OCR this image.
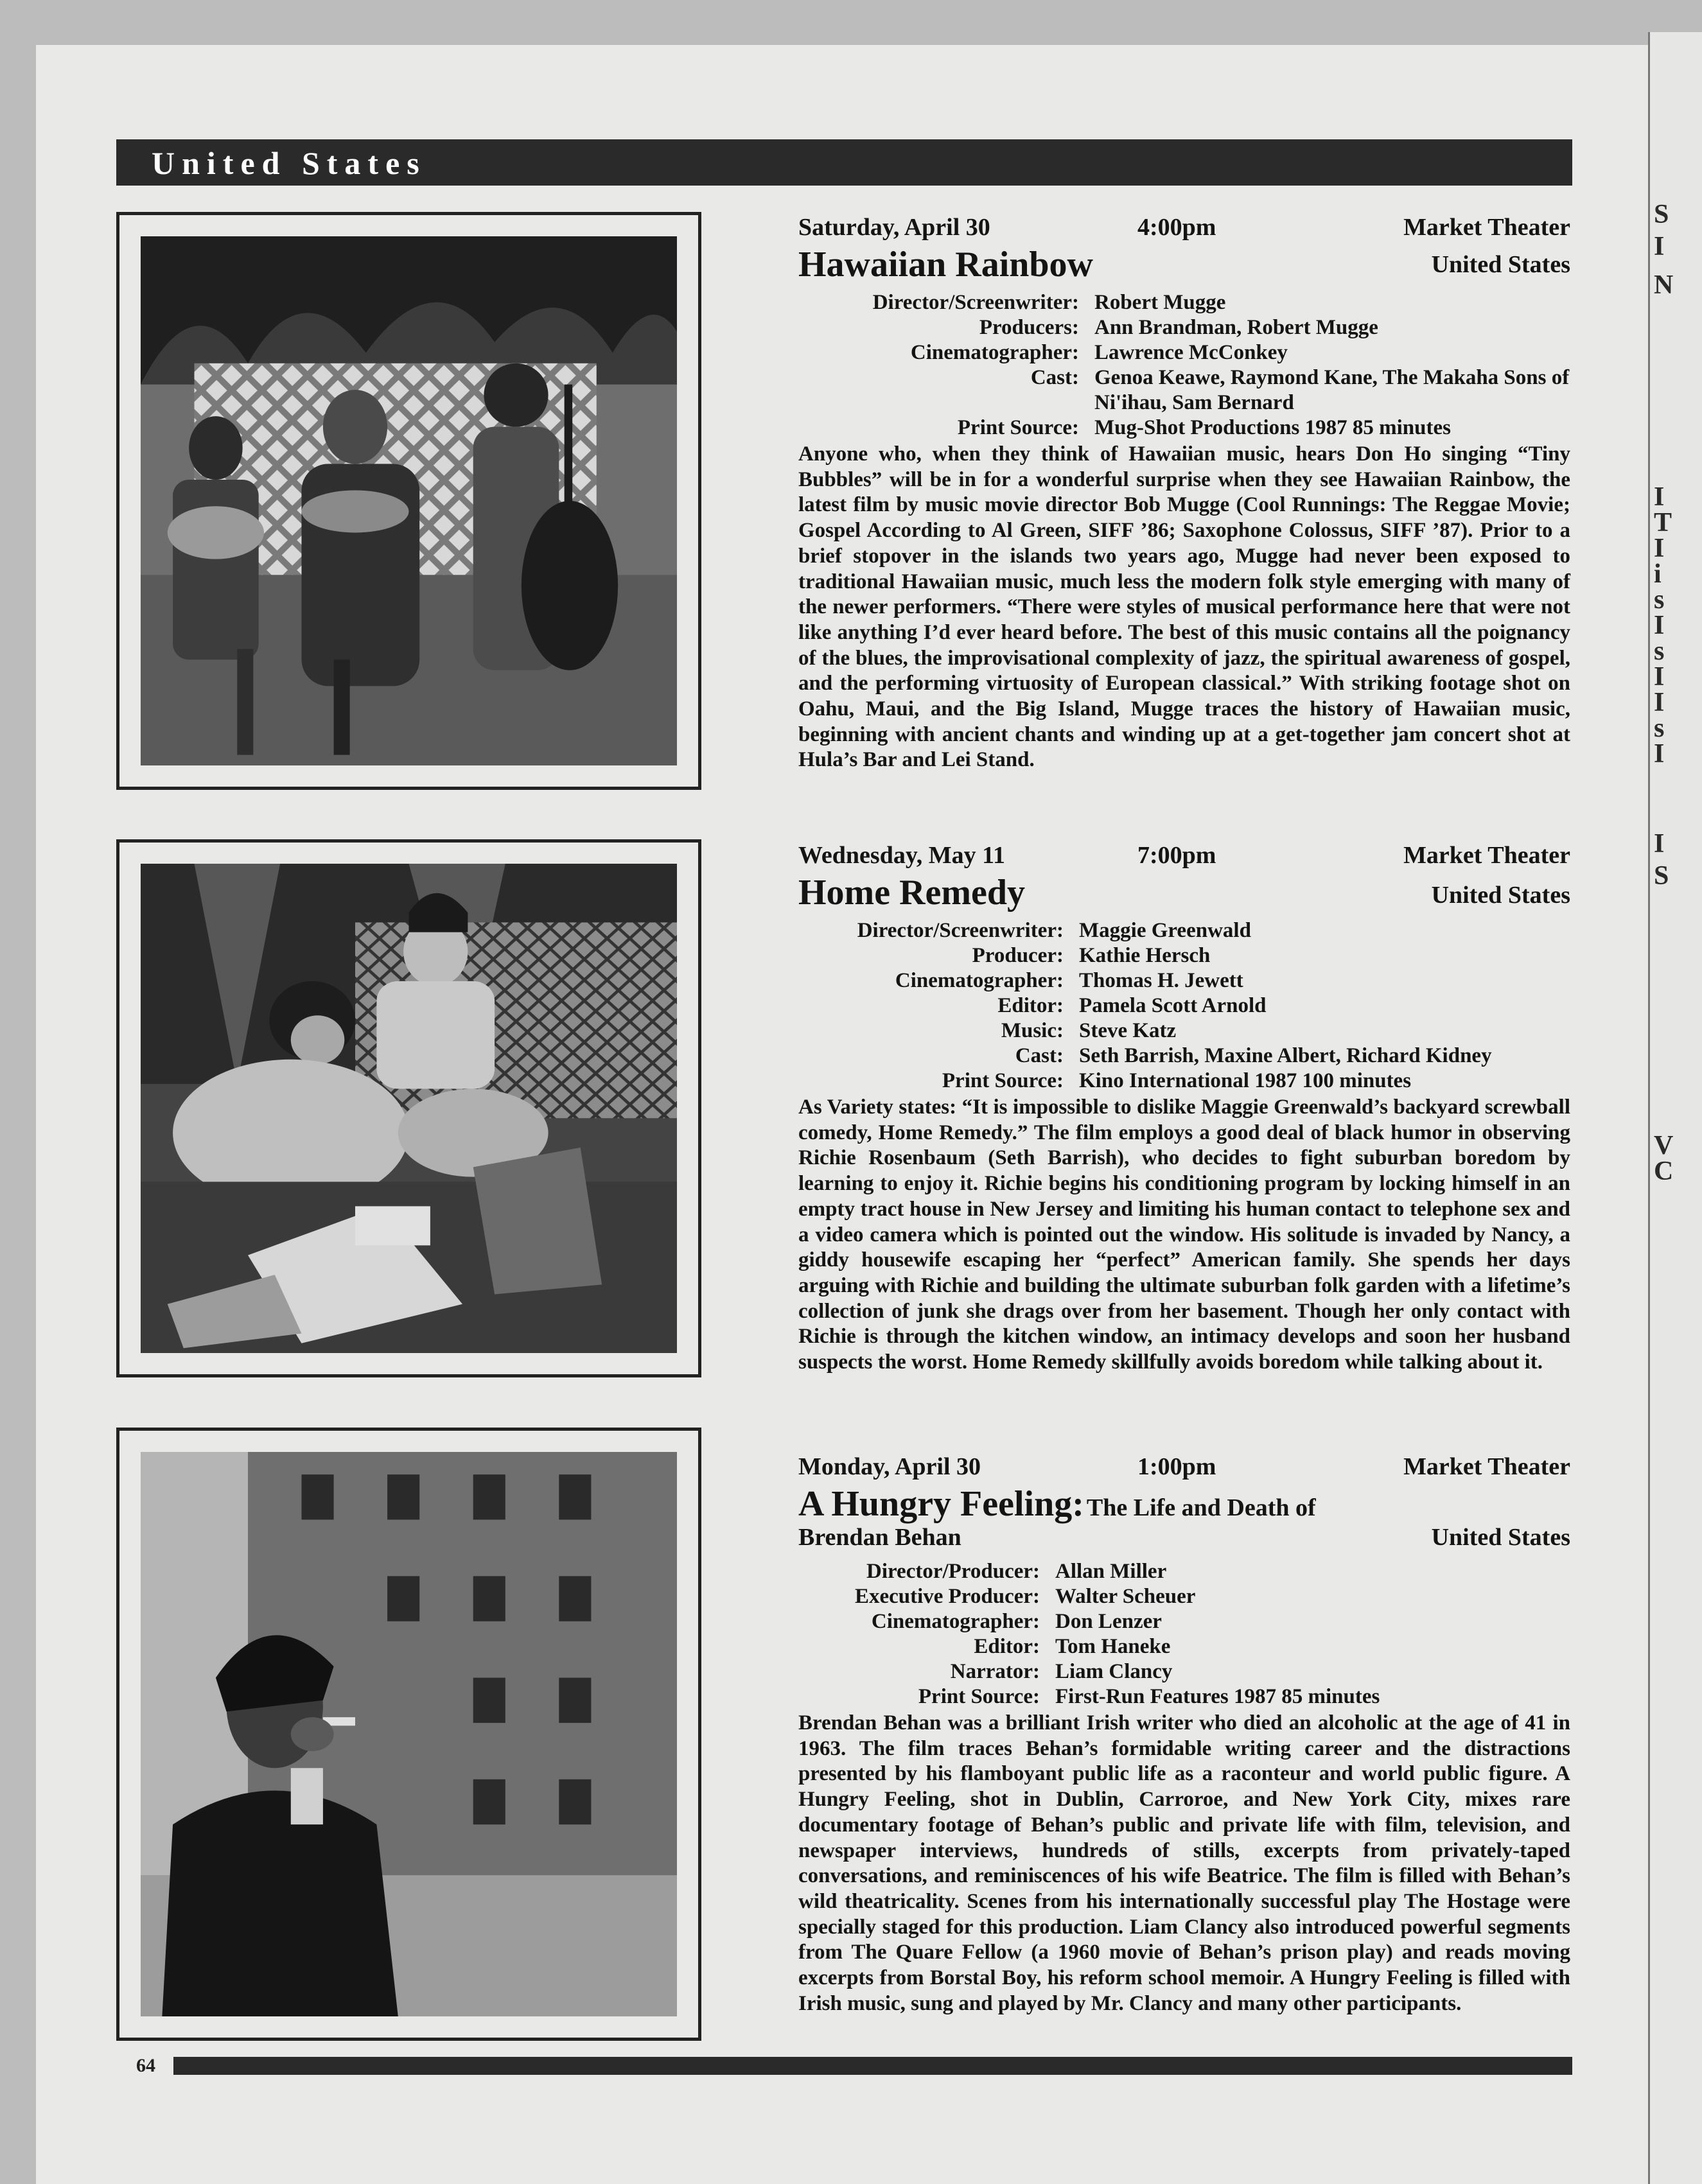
S
I
N
I
T
I
i
s
I
s
I
I
s
I
I
S
V
C
United States
Saturday, April 30	4:00pm	Market Theater
Hawaiian Rainbow	United States
Director/Screenwriter: Robert Mugge
Producers: Ann Brandman, Robert Mugge
Cinematographer: Lawrence McConkey
Cast: Genoa Keawe, Raymond Kane, The Makaha Sons of Ni'ihau, Sam Bernard
Print Source: Mug-Shot Productions 1987 85 minutes
Anyone who, when they think of Hawaiian music, hears Don Ho singing “Tiny Bubbles” will be in for a wonderful surprise when they see Hawaiian Rainbow, the latest film by music movie director Bob Mugge (Cool Runnings: The Reggae Movie; Gospel According to Al Green, SIFF ’86; Saxophone Colossus, SIFF ’87). Prior to a brief stopover in the islands two years ago, Mugge had never been exposed to traditional Hawaiian music, much less the modern folk style emerging with many of the newer performers. “There were styles of musical performance here that were not like anything I’d ever heard before. The best of this music contains all the poignancy of the blues, the improvisational complexity of jazz, the spiritual awareness of gospel, and the performing virtuosity of European classical.” With striking footage shot on Oahu, Maui, and the Big Island, Mugge traces the history of Hawaiian music, beginning with ancient chants and winding up at a get-together jam concert shot at Hula’s Bar and Lei Stand.
Wednesday, May 11	7:00pm	Market Theater
Home Remedy	United States
Director/Screenwriter: Maggie Greenwald
Producer: Kathie Hersch
Cinematographer: Thomas H. Jewett
Editor: Pamela Scott Arnold
Music: Steve Katz
Cast: Seth Barrish, Maxine Albert, Richard Kidney
Print Source: Kino International 1987 100 minutes
As Variety states: “It is impossible to dislike Maggie Greenwald’s backyard screwball comedy, Home Remedy.” The film employs a good deal of black humor in observing Richie Rosenbaum (Seth Barrish), who decides to fight suburban boredom by learning to enjoy it. Richie begins his conditioning program by locking himself in an empty tract house in New Jersey and limiting his human contact to telephone sex and a video camera which is pointed out the window. His solitude is invaded by Nancy, a giddy housewife escaping her “perfect” American family. She spends her days arguing with Richie and building the ultimate suburban folk garden with a lifetime’s collection of junk she drags over from her basement. Though her only contact with Richie is through the kitchen window, an intimacy develops and soon her husband suspects the worst. Home Remedy skillfully avoids boredom while talking about it.
Monday, April 30	1:00pm	Market Theater
A Hungry Feeling: The Life and Death of
Brendan Behan	United States
Director/Producer: Allan Miller
Executive Producer: Walter Scheuer
Cinematographer: Don Lenzer
Editor: Tom Haneke
Narrator: Liam Clancy
Print Source: First-Run Features 1987 85 minutes
Brendan Behan was a brilliant Irish writer who died an alcoholic at the age of 41 in 1963. The film traces Behan’s formidable writing career and the distractions presented by his flamboyant public life as a raconteur and world public figure. A Hungry Feeling, shot in Dublin, Carroroe, and New York City, mixes rare documentary footage of Behan’s public and private life with film, television, and newspaper interviews, hundreds of stills, excerpts from privately-taped conversations, and reminiscences of his wife Beatrice. The film is filled with Behan’s wild theatricality. Scenes from his internationally successful play The Hostage were specially staged for this production. Liam Clancy also introduced powerful segments from The Quare Fellow (a 1960 movie of Behan’s prison play) and reads moving excerpts from Borstal Boy, his reform school memoir. A Hungry Feeling is filled with Irish music, sung and played by Mr. Clancy and many other participants.
64
